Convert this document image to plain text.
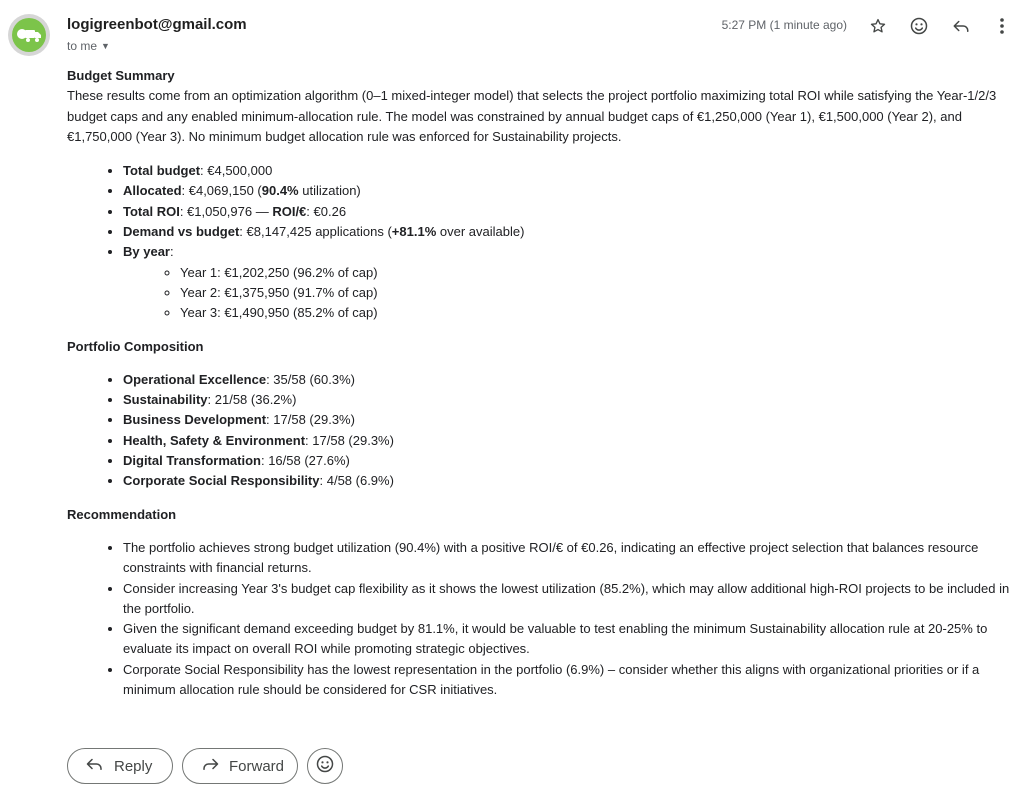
logigreenbot@gmail.com
to me ▼
5:27 PM (1 minute ago)

Budget Summary

These results come from an optimization algorithm (0–1 mixed-integer model) that selects the project portfolio maximizing total ROI while satisfying the Year-1/2/3 budget caps and any enabled minimum-allocation rule. The model was constrained by annual budget caps of €1,250,000 (Year 1), €1,500,000 (Year 2), and €1,750,000 (Year 3). No minimum budget allocation rule was enforced for Sustainability projects.

• Total budget: €4,500,000
• Allocated: €4,069,150 (90.4% utilization)
• Total ROI: €1,050,976 — ROI/€: €0.26
• Demand vs budget: €8,147,425 applications (+81.1% over available)
• By year:
◦ Year 1: €1,202,250 (96.2% of cap)
◦ Year 2: €1,375,950 (91.7% of cap)
◦ Year 3: €1,490,950 (85.2% of cap)

Portfolio Composition

• Operational Excellence: 35/58 (60.3%)
• Sustainability: 21/58 (36.2%)
• Business Development: 17/58 (29.3%)
• Health, Safety & Environment: 17/58 (29.3%)
• Digital Transformation: 16/58 (27.6%)
• Corporate Social Responsibility: 4/58 (6.9%)

Recommendation

• The portfolio achieves strong budget utilization (90.4%) with a positive ROI/€ of €0.26, indicating an effective project selection that balances resource constraints with financial returns.
• Consider increasing Year 3's budget cap flexibility as it shows the lowest utilization (85.2%), which may allow additional high-ROI projects to be included in the portfolio.
• Given the significant demand exceeding budget by 81.1%, it would be valuable to test enabling the minimum Sustainability allocation rule at 20-25% to evaluate its impact on overall ROI while promoting strategic objectives.
• Corporate Social Responsibility has the lowest representation in the portfolio (6.9%) – consider whether this aligns with organizational priorities or if a minimum allocation rule should be considered for CSR initiatives.
Reply	Forward
